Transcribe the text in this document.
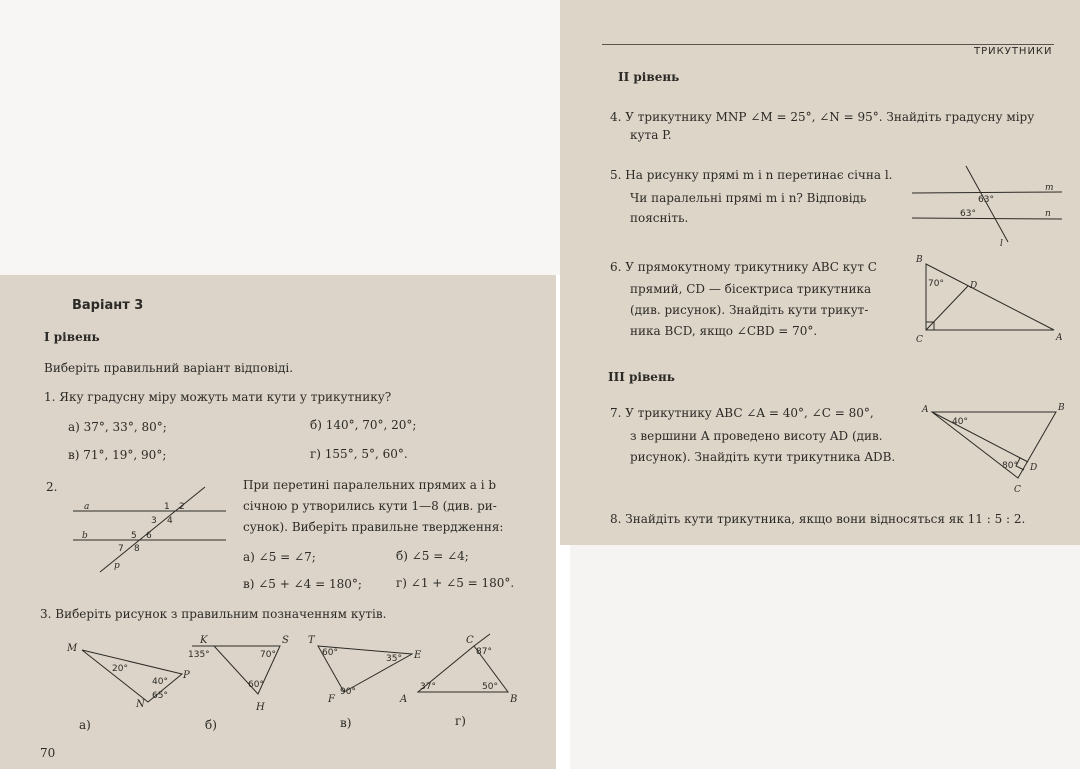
Варіант 3
І рівень
Виберіть правильний варіант відповіді.
1. Яку градусну міру можуть мати кути у трикутнику?
а) 37°, 33°, 80°;	б) 140°, 70°, 20°;
в) 71°, 19°, 90°;	г) 155°, 5°, 60°.
2.	При перетині паралельних прямих a і b
січною p утворились кути 1—8 (див. ри-
сунок). Виберіть правильне твердження:
а) ∠5 = ∠7;	б) ∠5 = ∠4;
в) ∠5 + ∠4 = 180°;	г) ∠1 + ∠5 = 180°.
a
b
p
1 2
3 4
5 6
7 8
3. Виберіть рисунок з правильним позначенням кутів.
M
P
N
20°
40°
65°
а)
K	S
H
135°	70°
60°
б)
T
E
F
60°
35°
90°
в)
C
A	B
87°
37°	50°
г)
70
ТРИКУТНИКИ
ІІ рівень
4. У трикутнику MNP ∠M = 25°, ∠N = 95°. Знайдіть градусну міру
кута P.
5. На рисунку прямі m і n перетинає січна l.
Чи паралельні прямі m і n? Відповідь
поясніть.
m
n
l
63°
63°
6. У прямокутному трикутнику ABC кут C
прямий, CD — бісектриса трикутника
(див. рисунок). Знайдіть кути трикут-
ника BCD, якщо ∠CBD = 70°.
B
D
C	A
70°
ІІІ рівень
7. У трикутнику ABC ∠A = 40°, ∠C = 80°,
з вершини A проведено висоту AD (див.
рисунок). Знайдіть кути трикутника ADB.
A	B
C
D
40°
80°
8. Знайдіть кути трикутника, якщо вони відносяться як 11 : 5 : 2.
